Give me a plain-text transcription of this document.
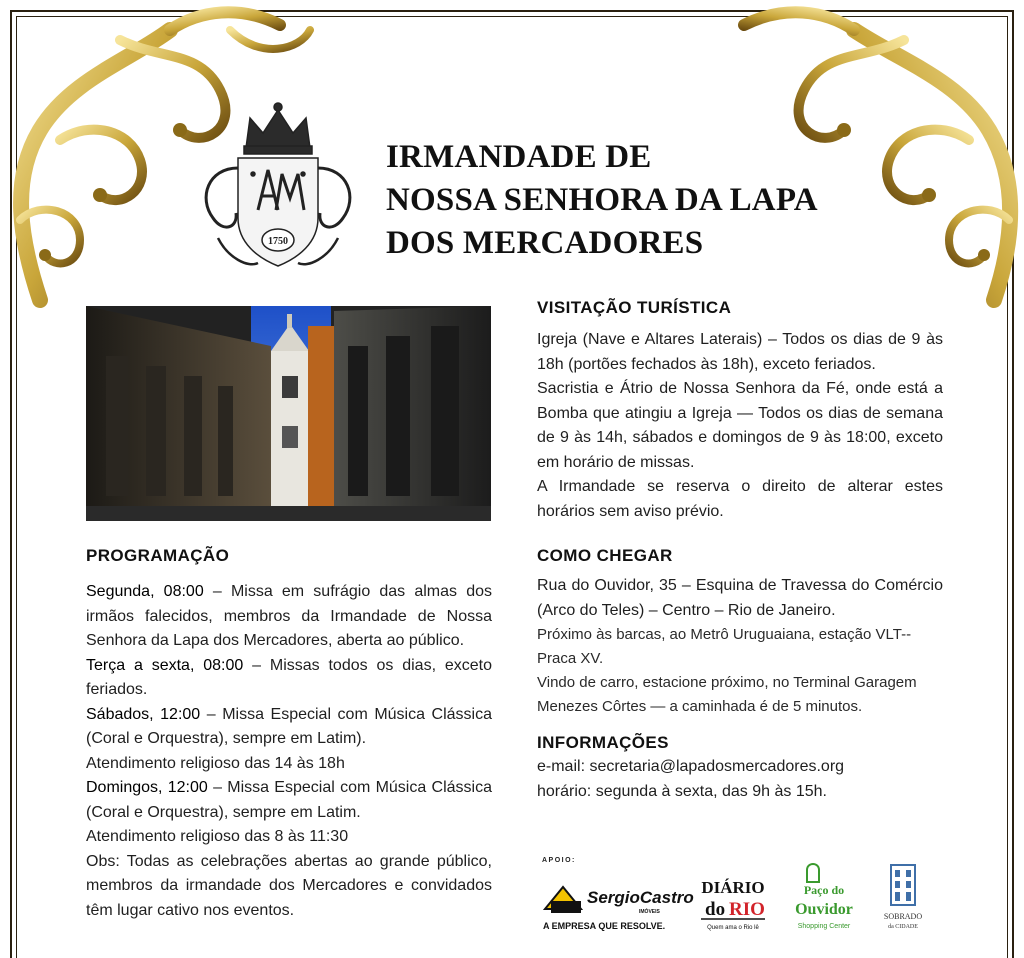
1750
IRMANDADE DE
NOSSA SENHORA DA LAPA
DOS MERCADORES
VISITAÇÃO TURÍSTICA

Igreja (Nave e Altares Laterais) – Todos os dias de 9 às 18h (portões fechados às 18h), exceto feriados.

Sacristia e Átrio de Nossa Senhora da Fé, onde está a Bomba que atingiu a Igreja — Todos os dias de semana de 9 às 14h, sábados e domingos de 9 às 18:00, exceto em horário de missas.

A Irmandade se reserva o direito de alterar estes horários sem aviso prévio.

COMO CHEGAR

Rua do Ouvidor, 35 – Esquina de Travessa do Comércio (Arco do Teles) – Centro – Rio de Janeiro.

Próximo às barcas, ao Metrô Uruguaiana, estação VLT--Praca XV.

Vindo de carro, estacione próximo, no Terminal Garagem Menezes Côrtes — a caminhada é de 5 minutos.

INFORMAÇÕES

e-mail: secretaria@lapadosmercadores.org

horário: segunda à sexta, das 9h às 15h.

PROGRAMAÇÃO

Segunda, 08:00 – Missa em sufrágio das almas dos irmãos falecidos, membros da Irmandade de Nossa Senhora da Lapa dos Mercadores, aberta ao público.

Terça a sexta, 08:00 – Missas todos os dias, exceto feriados.

Sábados, 12:00 – Missa Especial com Música Clássica (Coral e Orquestra), sempre em Latim).

Atendimento religioso das 14 às 18h

Domingos, 12:00 – Missa Especial com Música Clássica (Coral e Orquestra), sempre em Latim.

Atendimento religioso das 8 às 11:30

Obs: Todas as celebrações abertas ao grande público, membros da irmandade dos Mercadores e convidados têm lugar cativo nos eventos.

APOIO:
SergioCastro
IMÓVEIS
A EMPRESA QUE RESOLVE.
DIÁRIO
do RIO
Quem ama o Rio lê
Paço do
Ouvidor
Shopping Center
SOBRADO
da CIDADE
